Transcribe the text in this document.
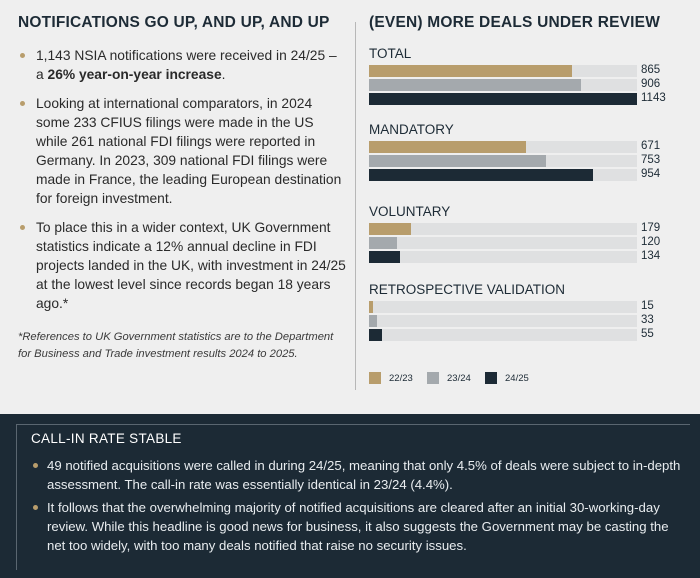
NOTIFICATIONS GO UP, AND UP, AND UP
1,143 NSIA notifications were received in 24/25 – a 26% year-on-year increase.
Looking at international comparators, in 2024 some 233 CFIUS filings were made in the US while 261 national FDI filings were reported in Germany. In 2023, 309 national FDI filings were made in France, the leading European destination for foreign investment.
To place this in a wider context, UK Government statistics indicate a 12% annual decline in FDI projects landed in the UK, with investment in 24/25 at the lowest level since records began 18 years ago.*
*References to UK Government statistics are to the Department for Business and Trade investment results 2024 to 2025.
(EVEN) MORE DEALS UNDER REVIEW
TOTAL
865
906
1143
MANDATORY
671
753
954
VOLUNTARY
179
120
134
RETROSPECTIVE VALIDATION
15
33
55
22/23	23/24	24/25
CALL-IN RATE STABLE
49 notified acquisitions were called in during 24/25, meaning that only 4.5% of deals were subject to in-depth assessment. The call-in rate was essentially identical in 23/24 (4.4%).
It follows that the overwhelming majority of notified acquisitions are cleared after an initial 30-working-day review. While this headline is good news for business, it also suggests the Government may be casting the net too widely, with too many deals notified that raise no security issues.
